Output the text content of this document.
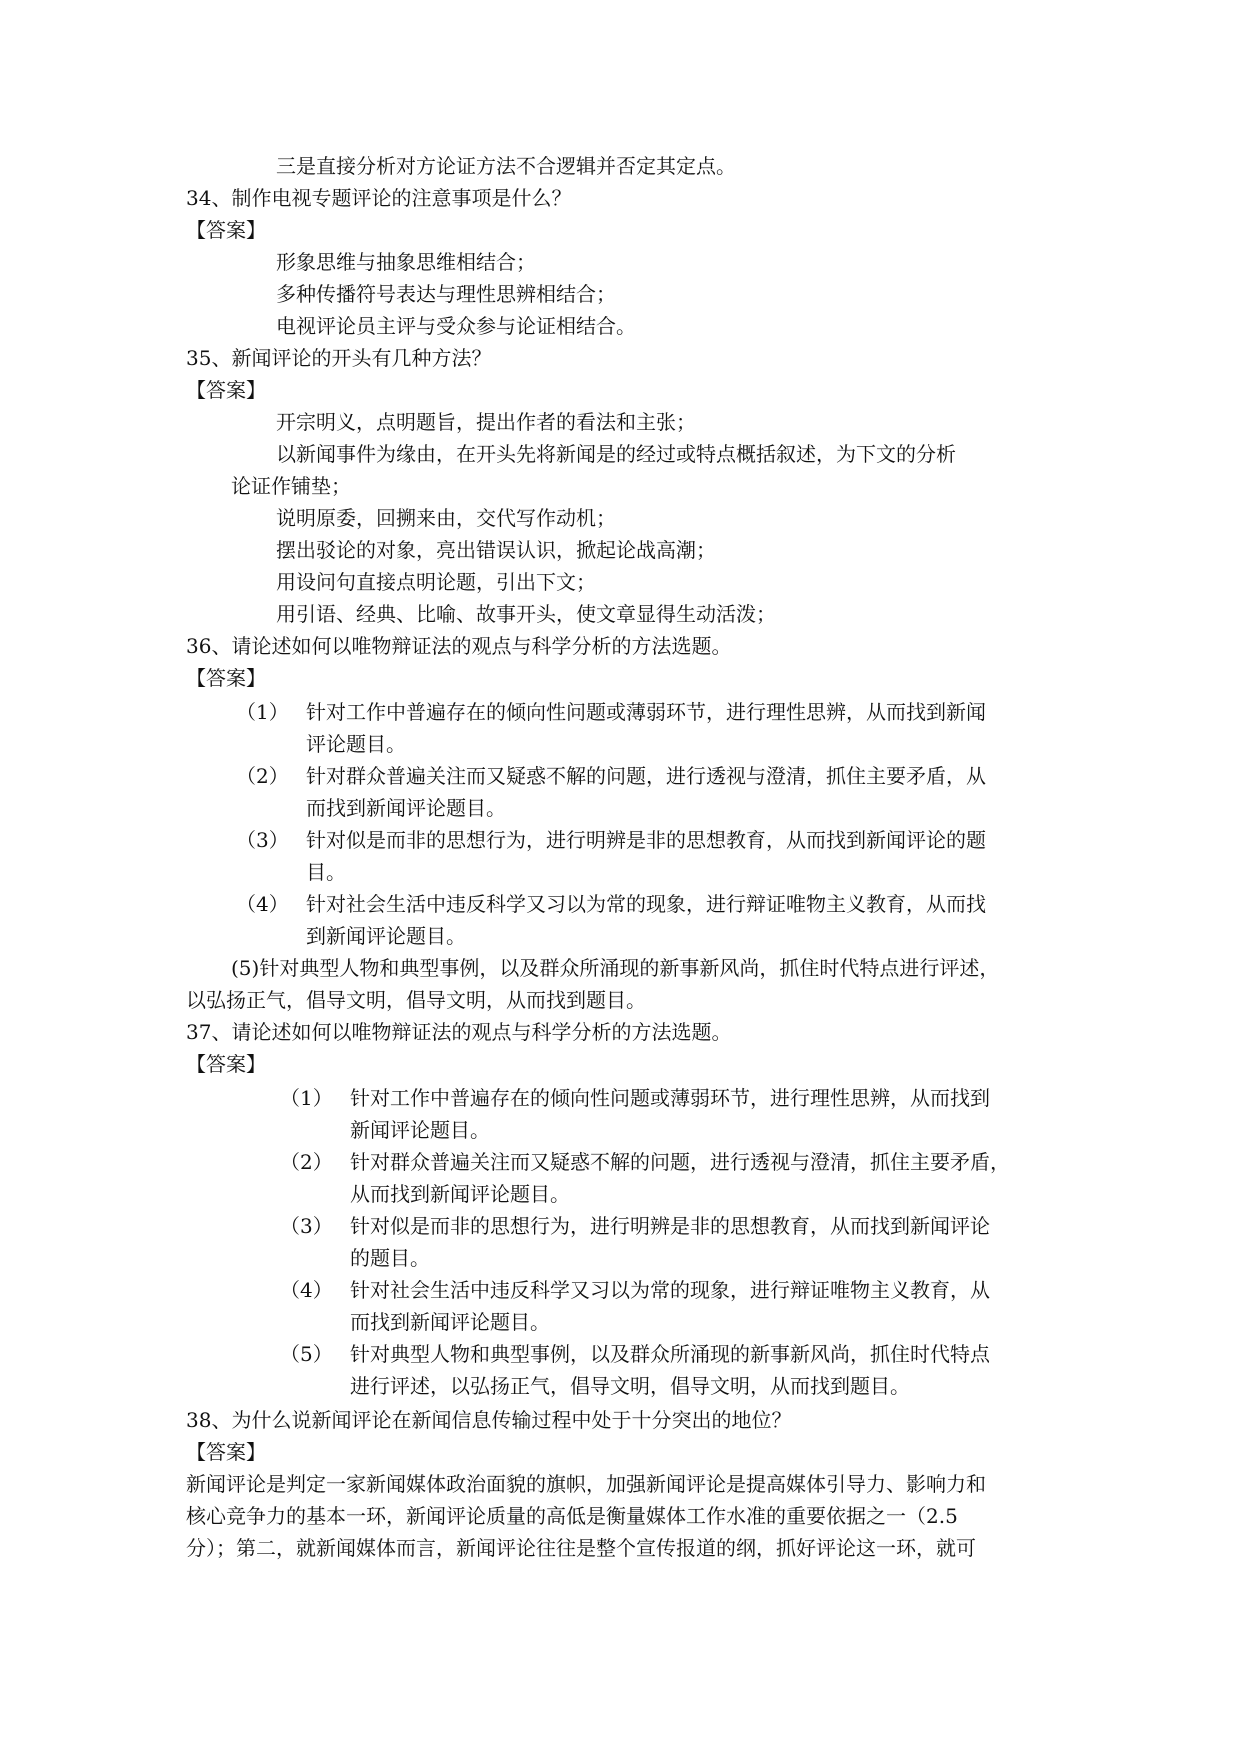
三是直接分析对方论证方法不合逻辑并否定其定点。
34、制作电视专题评论的注意事项是什么？
【答案】
形象思维与抽象思维相结合；
多种传播符号表达与理性思辨相结合；
电视评论员主评与受众参与论证相结合。
35、新闻评论的开头有几种方法？
【答案】
开宗明义，点明题旨，提出作者的看法和主张；
以新闻事件为缘由，在开头先将新闻是的经过或特点概括叙述，为下文的分析
论证作铺垫；
说明原委，回搠来由，交代写作动机；
摆出驳论的对象，亮出错误认识，掀起论战高潮；
用设问句直接点明论题，引出下文；
用引语、经典、比喻、故事开头，使文章显得生动活泼；
36、请论述如何以唯物辩证法的观点与科学分析的方法选题。
【答案】
（1） 针对工作中普遍存在的倾向性问题或薄弱环节，进行理性思辨，从而找到新闻
评论题目。
（2） 针对群众普遍关注而又疑惑不解的问题，进行透视与澄清，抓住主要矛盾，从
而找到新闻评论题目。
（3） 针对似是而非的思想行为，进行明辨是非的思想教育，从而找到新闻评论的题
目。
（4） 针对社会生活中违反科学又习以为常的现象，进行辩证唯物主义教育，从而找
到新闻评论题目。
(5)针对典型人物和典型事例，以及群众所涌现的新事新风尚，抓住时代特点进行评述，
以弘扬正气，倡导文明，倡导文明，从而找到题目。
37、请论述如何以唯物辩证法的观点与科学分析的方法选题。
【答案】
（1） 针对工作中普遍存在的倾向性问题或薄弱环节，进行理性思辨，从而找到
新闻评论题目。
（2） 针对群众普遍关注而又疑惑不解的问题，进行透视与澄清，抓住主要矛盾，
从而找到新闻评论题目。
（3） 针对似是而非的思想行为，进行明辨是非的思想教育，从而找到新闻评论
的题目。
（4） 针对社会生活中违反科学又习以为常的现象，进行辩证唯物主义教育，从
而找到新闻评论题目。
（5） 针对典型人物和典型事例，以及群众所涌现的新事新风尚，抓住时代特点
进行评述，以弘扬正气，倡导文明，倡导文明，从而找到题目。
38、为什么说新闻评论在新闻信息传输过程中处于十分突出的地位？
【答案】
新闻评论是判定一家新闻媒体政治面貌的旗帜，加强新闻评论是提高媒体引导力、影响力和
核心竞争力的基本一环，新闻评论质量的高低是衡量媒体工作水准的重要依据之一（2.5
分）；第二，就新闻媒体而言，新闻评论往往是整个宣传报道的纲，抓好评论这一环，就可
